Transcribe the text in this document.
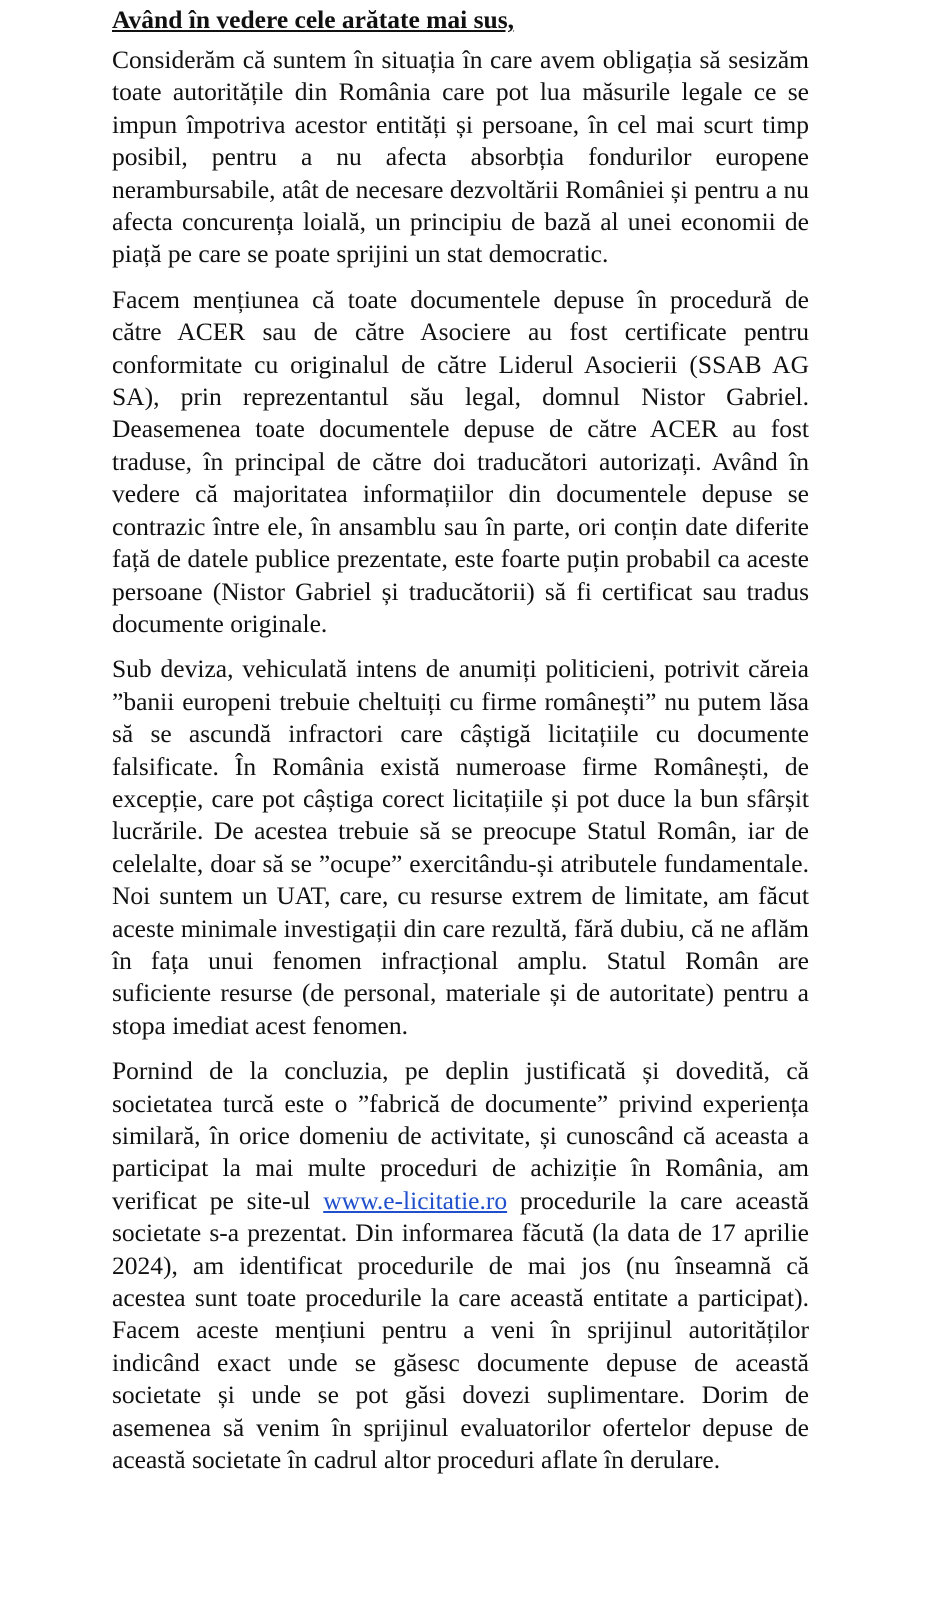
Având în vedere cele arătate mai sus,

Considerăm că suntem în situația în care avem obligația să sesizăm toate autoritățile din România care pot lua măsurile legale ce se impun împotriva acestor entități și persoane, în cel mai scurt timp posibil, pentru a nu afecta absorbția fondurilor europene nerambursabile, atât de necesare dezvoltării României și pentru a nu afecta concurența loială, un principiu de bază al unei economii de piață pe care se poate sprijini un stat democratic.

Facem mențiunea că toate documentele depuse în procedură de către ACER sau de către Asociere au fost certificate pentru conformitate cu originalul de către Liderul Asocierii (SSAB AG SA), prin reprezentantul său legal, domnul Nistor Gabriel. Deasemenea toate documentele depuse de către ACER au fost traduse, în principal de către doi traducători autorizați. Având în vedere că majoritatea informațiilor din documentele depuse se contrazic între ele, în ansamblu sau în parte, ori conțin date diferite față de datele publice prezentate, este foarte puțin probabil ca aceste persoane (Nistor Gabriel și traducătorii) să fi certificat sau tradus documente originale.

Sub deviza, vehiculată intens de anumiți politicieni, potrivit căreia ”banii europeni trebuie cheltuiți cu firme românești” nu putem lăsa să se ascundă infractori care câștigă licitațiile cu documente falsificate. În România există numeroase firme Românești, de excepție, care pot câștiga corect licitațiile și pot duce la bun sfârșit lucrările. De acestea trebuie să se preocupe Statul Român, iar de celelalte, doar să se ”ocupe” exercitându-și atributele fundamentale. Noi suntem un UAT, care, cu resurse extrem de limitate, am făcut aceste minimale investigații din care rezultă, fără dubiu, că ne aflăm în fața unui fenomen infracțional amplu. Statul Român are suficiente resurse (de personal, materiale și de autoritate) pentru a stopa imediat acest fenomen.

Pornind de la concluzia, pe deplin justificată și dovedită, că societatea turcă este o ”fabrică de documente” privind experiența similară, în orice domeniu de activitate, și cunoscând că aceasta a participat la mai multe proceduri de achiziție în România, am verificat pe site-ul www.e-licitatie.ro procedurile la care această societate s-a prezentat. Din informarea făcută (la data de 17 aprilie 2024), am identificat procedurile de mai jos (nu înseamnă că acestea sunt toate procedurile la care această entitate a participat). Facem aceste mențiuni pentru a veni în sprijinul autorităților indicând exact unde se găsesc documente depuse de această societate și unde se pot găsi dovezi suplimentare. Dorim de asemenea să venim în sprijinul evaluatorilor ofertelor depuse de această societate în cadrul altor proceduri aflate în derulare.
